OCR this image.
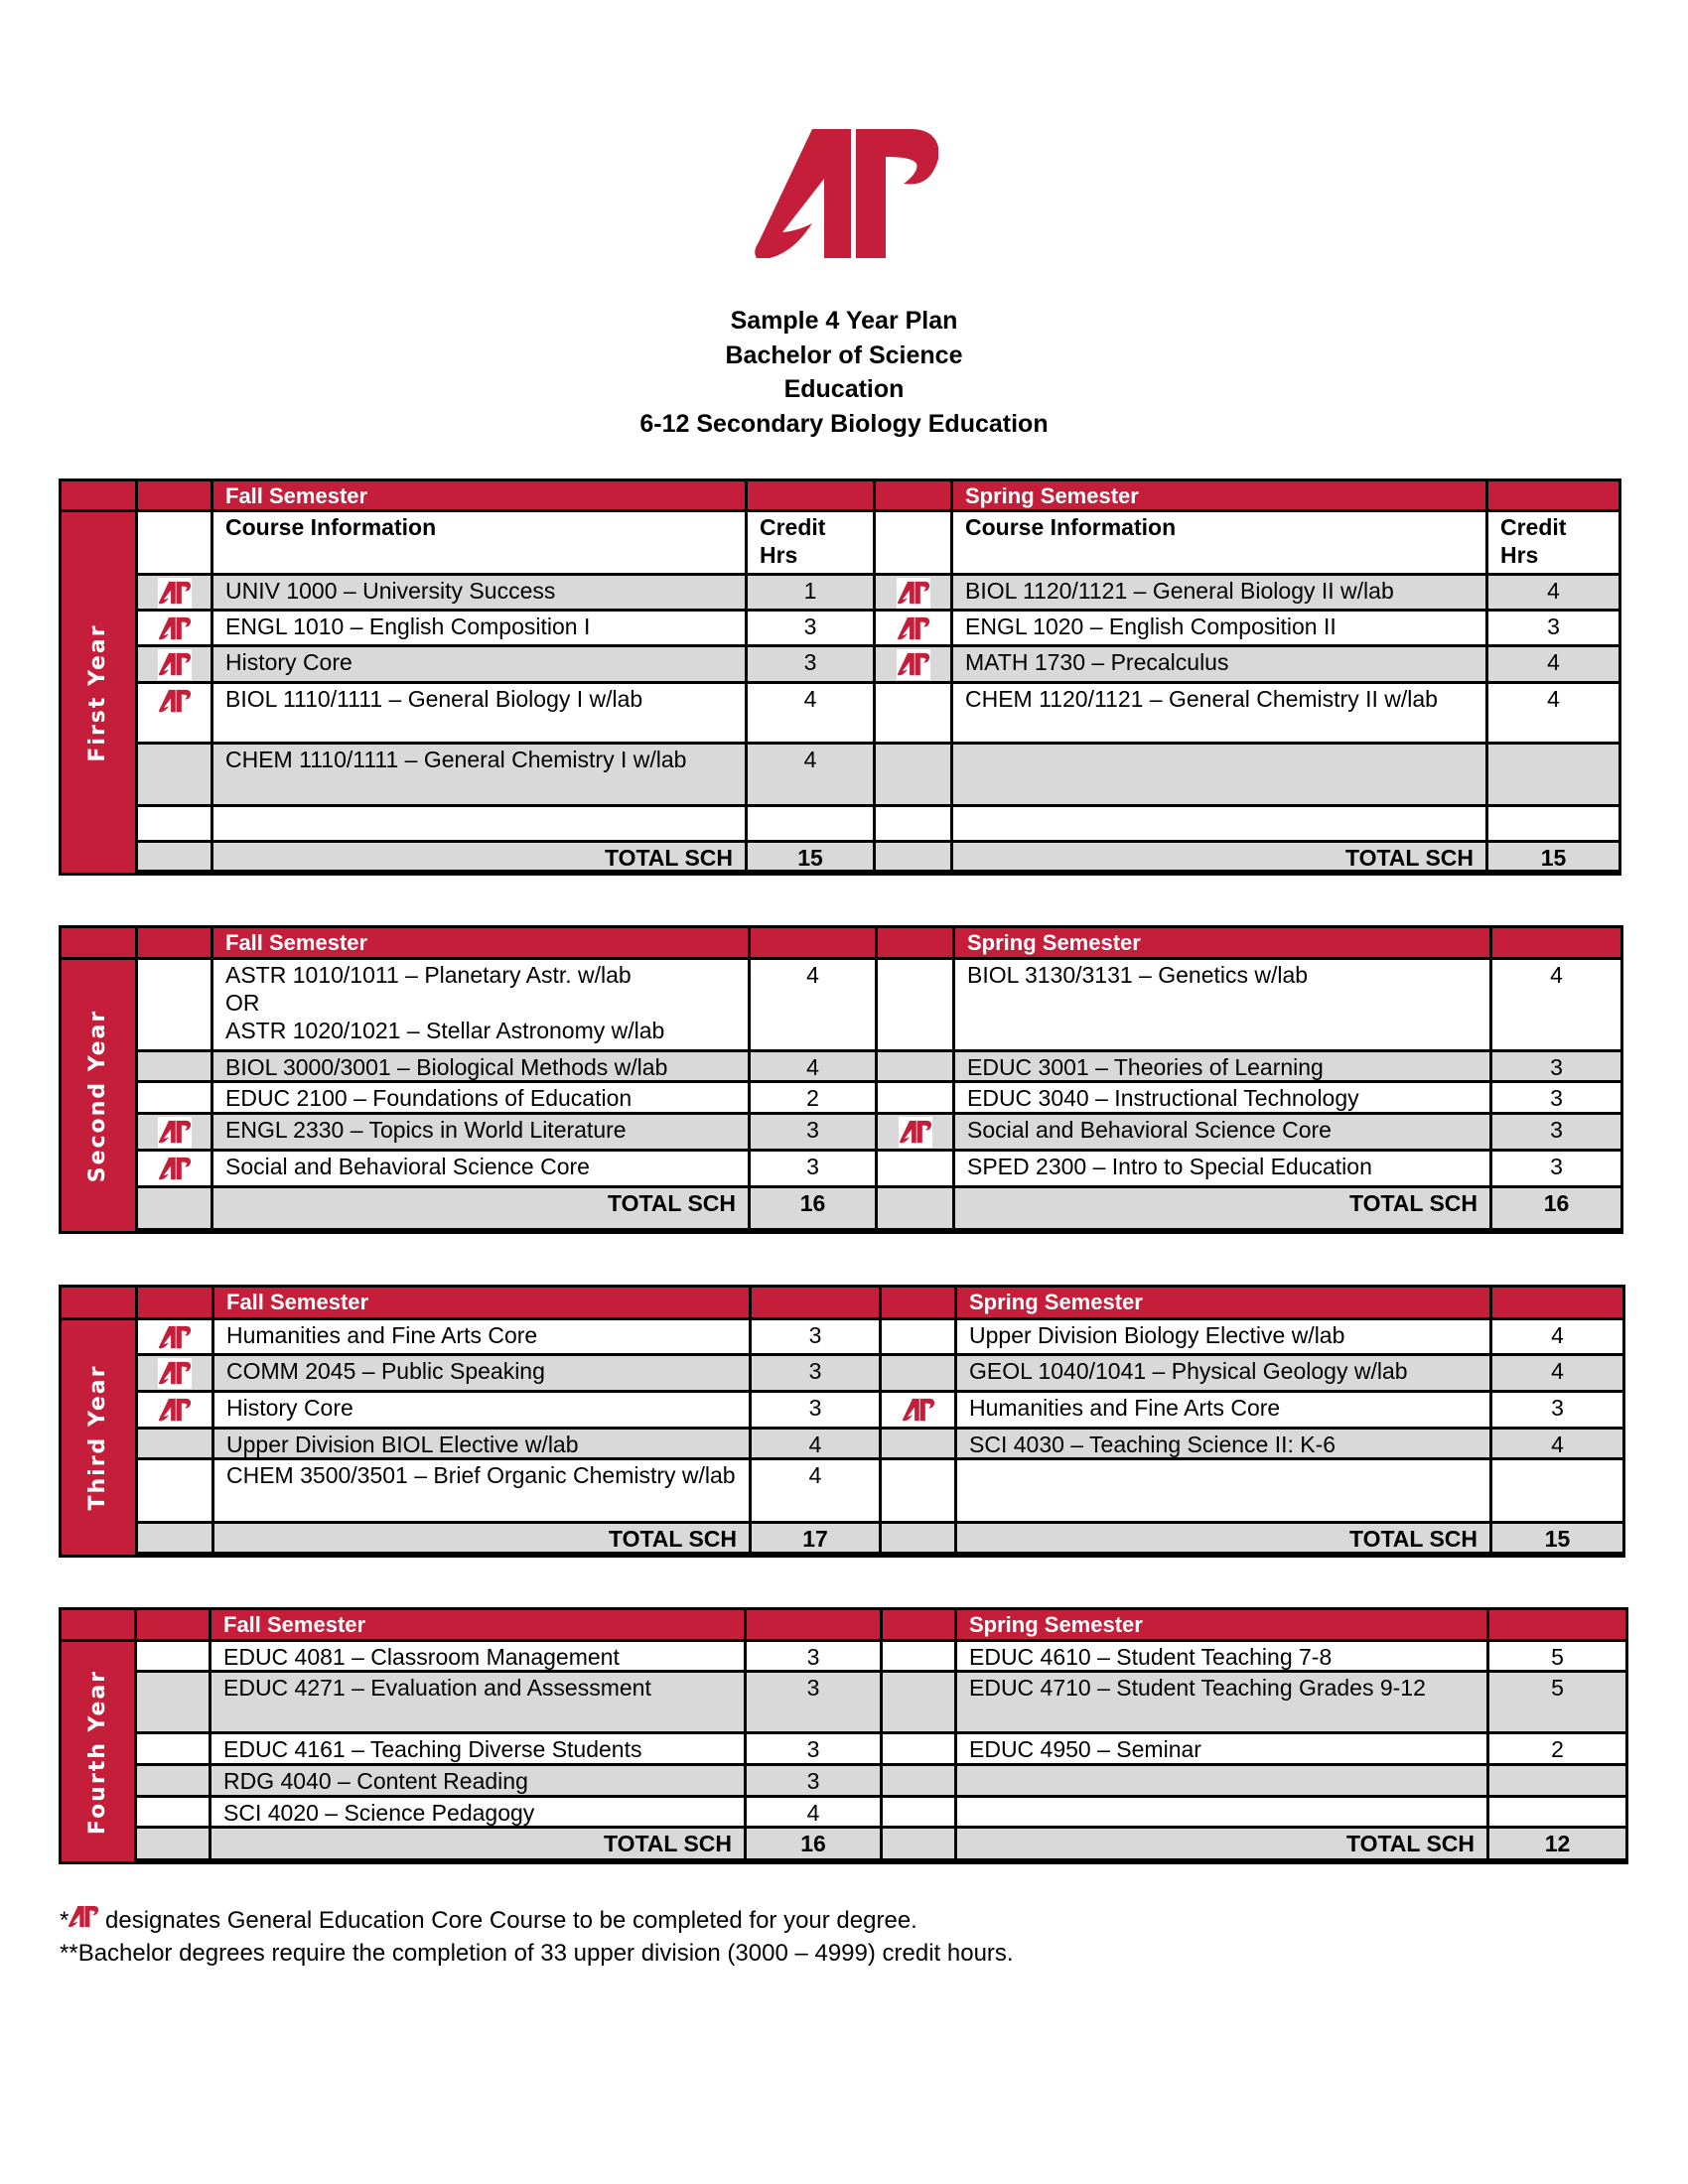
Sample 4 Year Plan
Bachelor of Science
Education
6-12 Secondary Biology Education
Fall Semester	Spring Semester
Course Information	Credit Hrs
Course Information	Credit Hrs
UNIV 1000 – University Success	1	BIOL 1120/1121 – General Biology II w/lab	4
ENGL 1010 – English Composition I	3	ENGL 1020 – English Composition II	3
History Core	3	MATH 1730 – Precalculus	4
BIOL 1110/1111 – General Biology I w/lab	4	CHEM 1120/1121 – General Chemistry II w/lab	4
CHEM 1110/1111 – General Chemistry I w/lab	4
TOTAL SCH	15	TOTAL SCH	15
First Year
Fall Semester	Spring Semester
ASTR 1010/1011 – Planetary Astr. w/lab
OR
ASTR 1020/1021 – Stellar Astronomy w/lab
4	BIOL 3130/3131 – Genetics w/lab	4
BIOL 3000/3001 – Biological Methods w/lab	4	EDUC 3001 – Theories of Learning	3
EDUC 2100 – Foundations of Education	2	EDUC 3040 – Instructional Technology	3
ENGL 2330 – Topics in World Literature	3	Social and Behavioral Science Core	3
Social and Behavioral Science Core	3	SPED 2300 – Intro to Special Education	3
TOTAL SCH	16	TOTAL SCH	16
Second Year
Fall Semester	Spring Semester
Humanities and Fine Arts Core	3	Upper Division Biology Elective w/lab	4
COMM 2045 – Public Speaking	3	GEOL 1040/1041 – Physical Geology w/lab	4
History Core	3	Humanities and Fine Arts Core	3
Upper Division BIOL Elective w/lab	4	SCI 4030 – Teaching Science II: K-6	4
CHEM 3500/3501 – Brief Organic Chemistry w/lab	4
TOTAL SCH	17	TOTAL SCH	15
Third Year
Fall Semester	Spring Semester
EDUC 4081 – Classroom Management	3	EDUC 4610 – Student Teaching 7-8	5
EDUC 4271 – Evaluation and Assessment	3	EDUC 4710 – Student Teaching Grades 9-12	5
EDUC 4161 – Teaching Diverse Students	3	EDUC 4950 – Seminar	2
RDG 4040 – Content Reading	3
SCI 4020 – Science Pedagogy	4
TOTAL SCH	16	TOTAL SCH	12
Fourth Year
*
designates General Education Core Course to be completed for your degree.
**Bachelor degrees require the completion of 33 upper division (3000 – 4999) credit hours.
